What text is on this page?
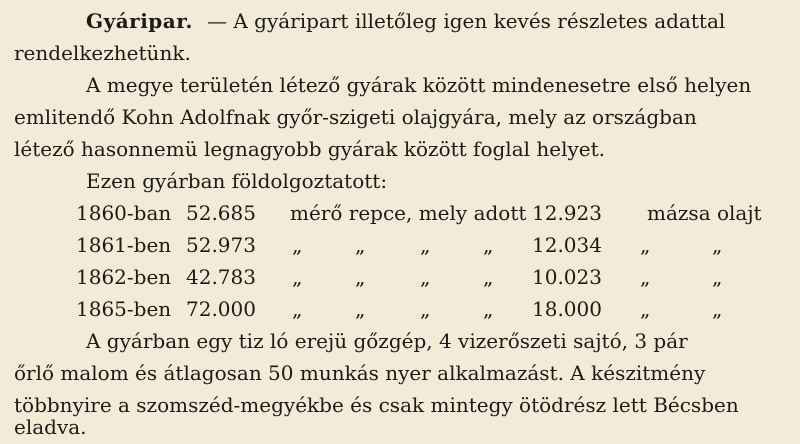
Gyáripar. — A gyáripart illetőleg igen kevés részletes adattal
rendelkezhetünk.
A megye területén létező gyárak között mindenesetre első helyen
emlitendő Kohn Adolfnak győr-szigeti olajgyára, mely az országban
létező hasonnemü legnagyobb gyárak között foglal helyet.
Ezen gyárban földolgoztatott:
1860-ban 52.685 mérő repce, mely adott 12.923 mázsa olajt
1861-ben 52.973 „	„	„	„ 12.034 „	„
1862-ben 42.783 „	„	„	„ 10.023 „	„
1865-ben 72.000 „	„	„	„ 18.000 „	„
A gyárban egy tiz ló erejü gőzgép, 4 vizerőszeti sajtó, 3 pár
őrlő malom és átlagosan 50 munkás nyer alkalmazást. A készitmény
többnyire a szomszéd-megyékbe és csak mintegy ötödrész lett Bécsben
eladva.
